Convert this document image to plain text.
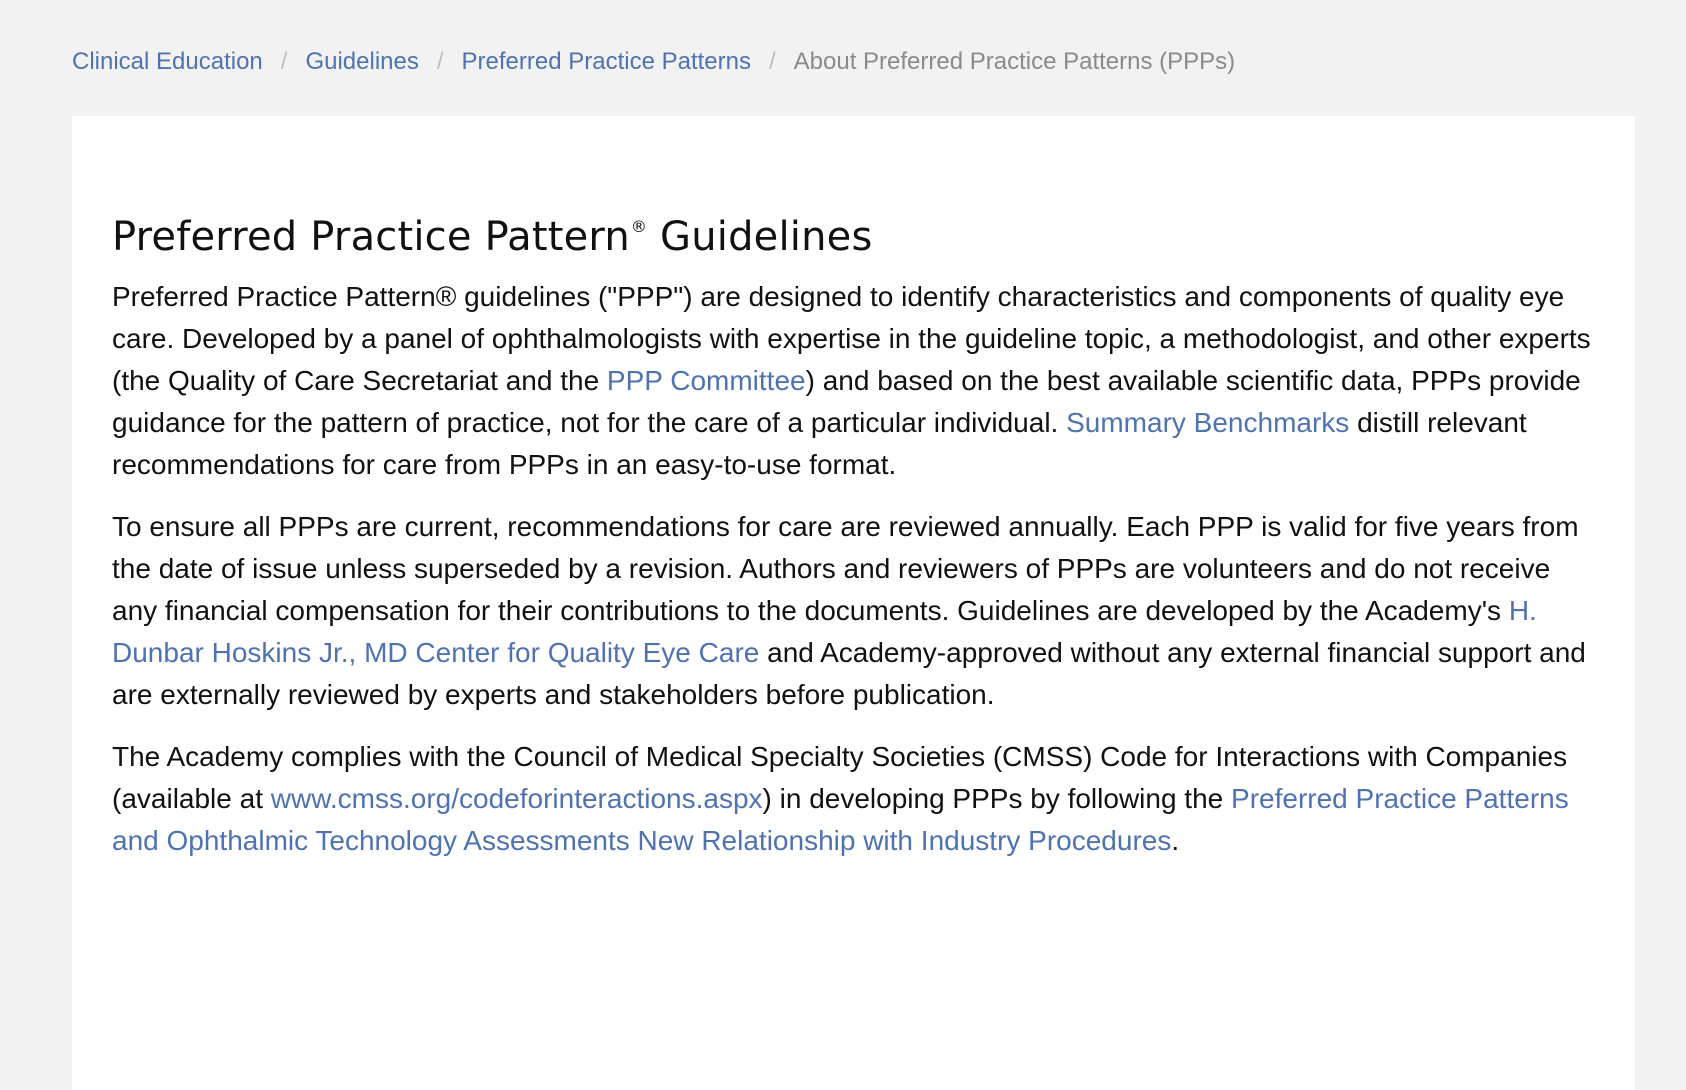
Clinical Education / Guidelines / Preferred Practice Patterns / About Preferred Practice Patterns (PPPs)
Preferred Practice Pattern® Guidelines

Preferred Practice Pattern® guidelines ("PPP") are designed to identify characteristics and components of quality eye care. Developed by a panel of ophthalmologists with expertise in the guideline topic, a methodologist, and other experts (the Quality of Care Secretariat and the PPP Committee) and based on the best available scientific data, PPPs provide guidance for the pattern of practice, not for the care of a particular individual. Summary Benchmarks distill relevant recommendations for care from PPPs in an easy-to-use format.

To ensure all PPPs are current, recommendations for care are reviewed annually. Each PPP is valid for five years from the date of issue unless superseded by a revision. Authors and reviewers of PPPs are volunteers and do not receive any financial compensation for their contributions to the documents. Guidelines are developed by the Academy's H. Dunbar Hoskins Jr., MD Center for Quality Eye Care and Academy-approved without any external financial support and are externally reviewed by experts and stakeholders before publication.

The Academy complies with the Council of Medical Specialty Societies (CMSS) Code for Interactions with Companies (available at www.cmss.org/codeforinteractions.aspx) in developing PPPs by following the Preferred Practice Patterns and Ophthalmic Technology Assessments New Relationship with Industry Procedures.
